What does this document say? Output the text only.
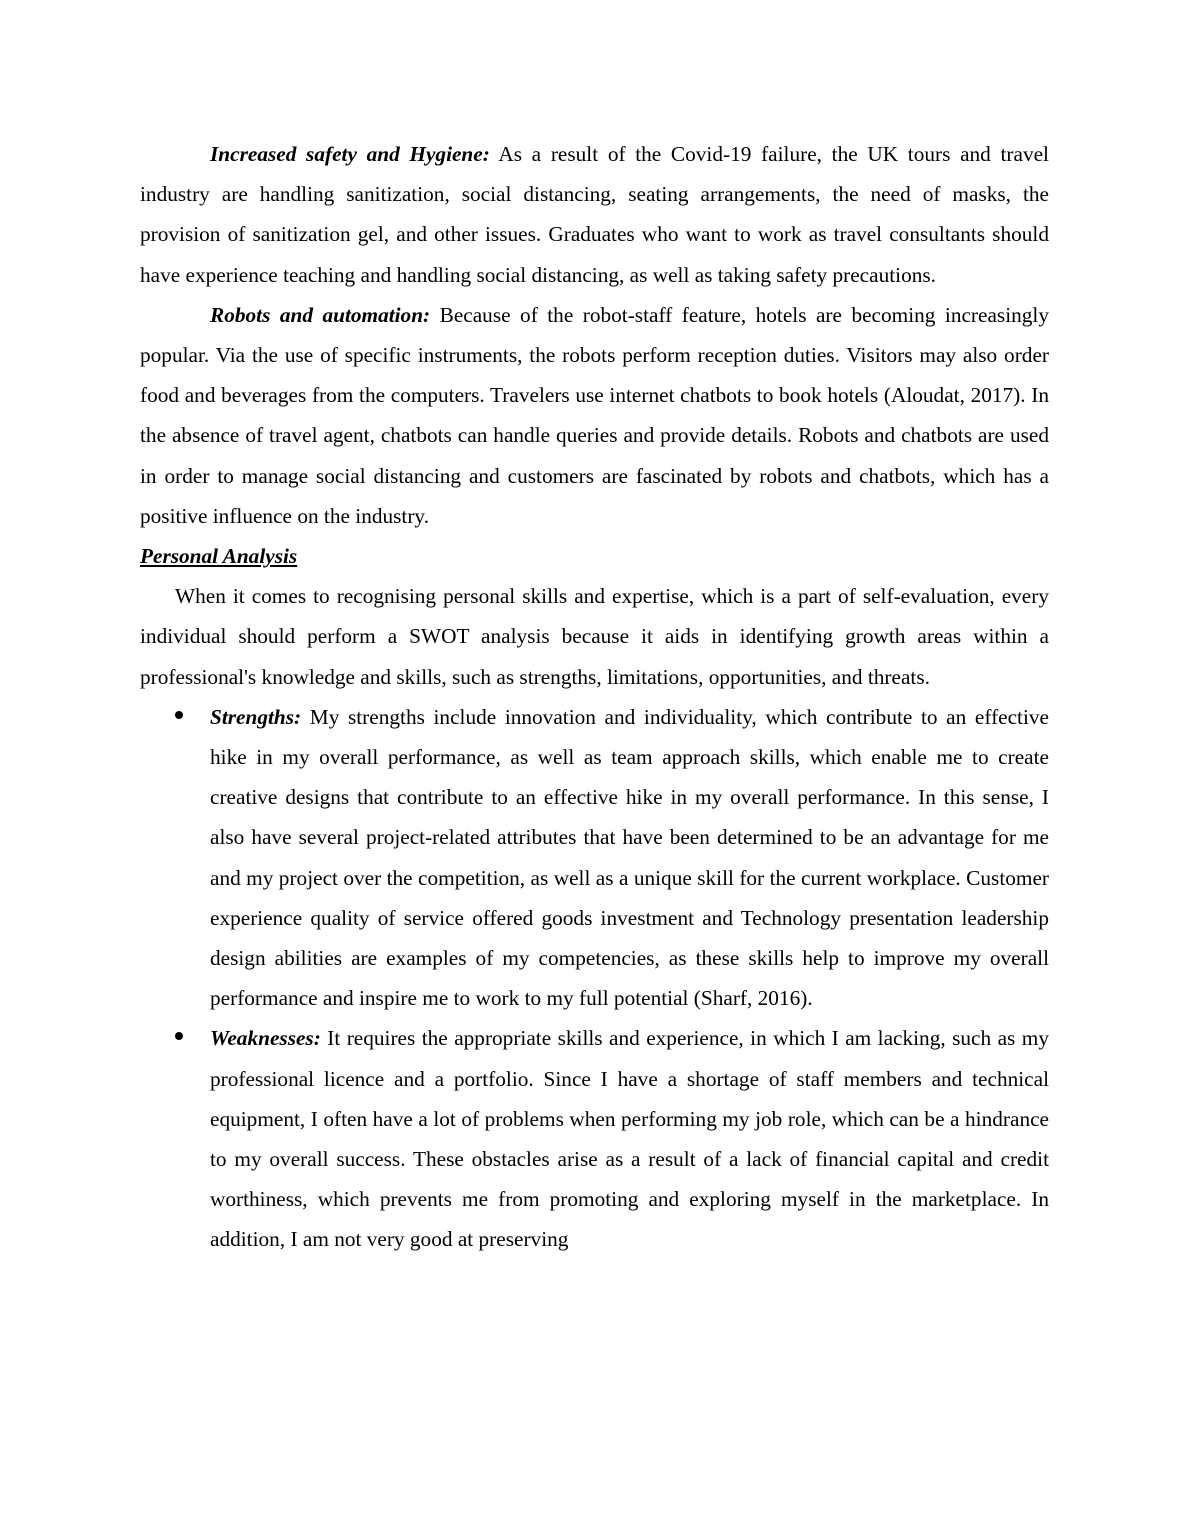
Increased safety and Hygiene: As a result of the Covid-19 failure, the UK tours and travel industry are handling sanitization, social distancing, seating arrangements, the need of masks, the provision of sanitization gel, and other issues. Graduates who want to work as travel consultants should have experience teaching and handling social distancing, as well as taking safety precautions.

Robots and automation: Because of the robot-staff feature, hotels are becoming increasingly popular. Via the use of specific instruments, the robots perform reception duties. Visitors may also order food and beverages from the computers. Travelers use internet chatbots to book hotels (Aloudat, 2017). In the absence of travel agent, chatbots can handle queries and provide details. Robots and chatbots are used in order to manage social distancing and customers are fascinated by robots and chatbots, which has a positive influence on the industry.

Personal Analysis

When it comes to recognising personal skills and expertise, which is a part of self-evaluation, every individual should perform a SWOT analysis because it aids in identifying growth areas within a professional's knowledge and skills, such as strengths, limitations, opportunities, and threats.

Strengths: My strengths include innovation and individuality, which contribute to an effective hike in my overall performance, as well as team approach skills, which enable me to create creative designs that contribute to an effective hike in my overall performance. In this sense, I also have several project-related attributes that have been determined to be an advantage for me and my project over the competition, as well as a unique skill for the current workplace. Customer experience quality of service offered goods investment and Technology presentation leadership design abilities are examples of my competencies, as these skills help to improve my overall performance and inspire me to work to my full potential (Sharf, 2016).
Weaknesses: It requires the appropriate skills and experience, in which I am lacking, such as my professional licence and a portfolio. Since I have a shortage of staff members and technical equipment, I often have a lot of problems when performing my job role, which can be a hindrance to my overall success. These obstacles arise as a result of a lack of financial capital and credit worthiness, which prevents me from promoting and exploring myself in the marketplace. In addition, I am not very good at preserving
